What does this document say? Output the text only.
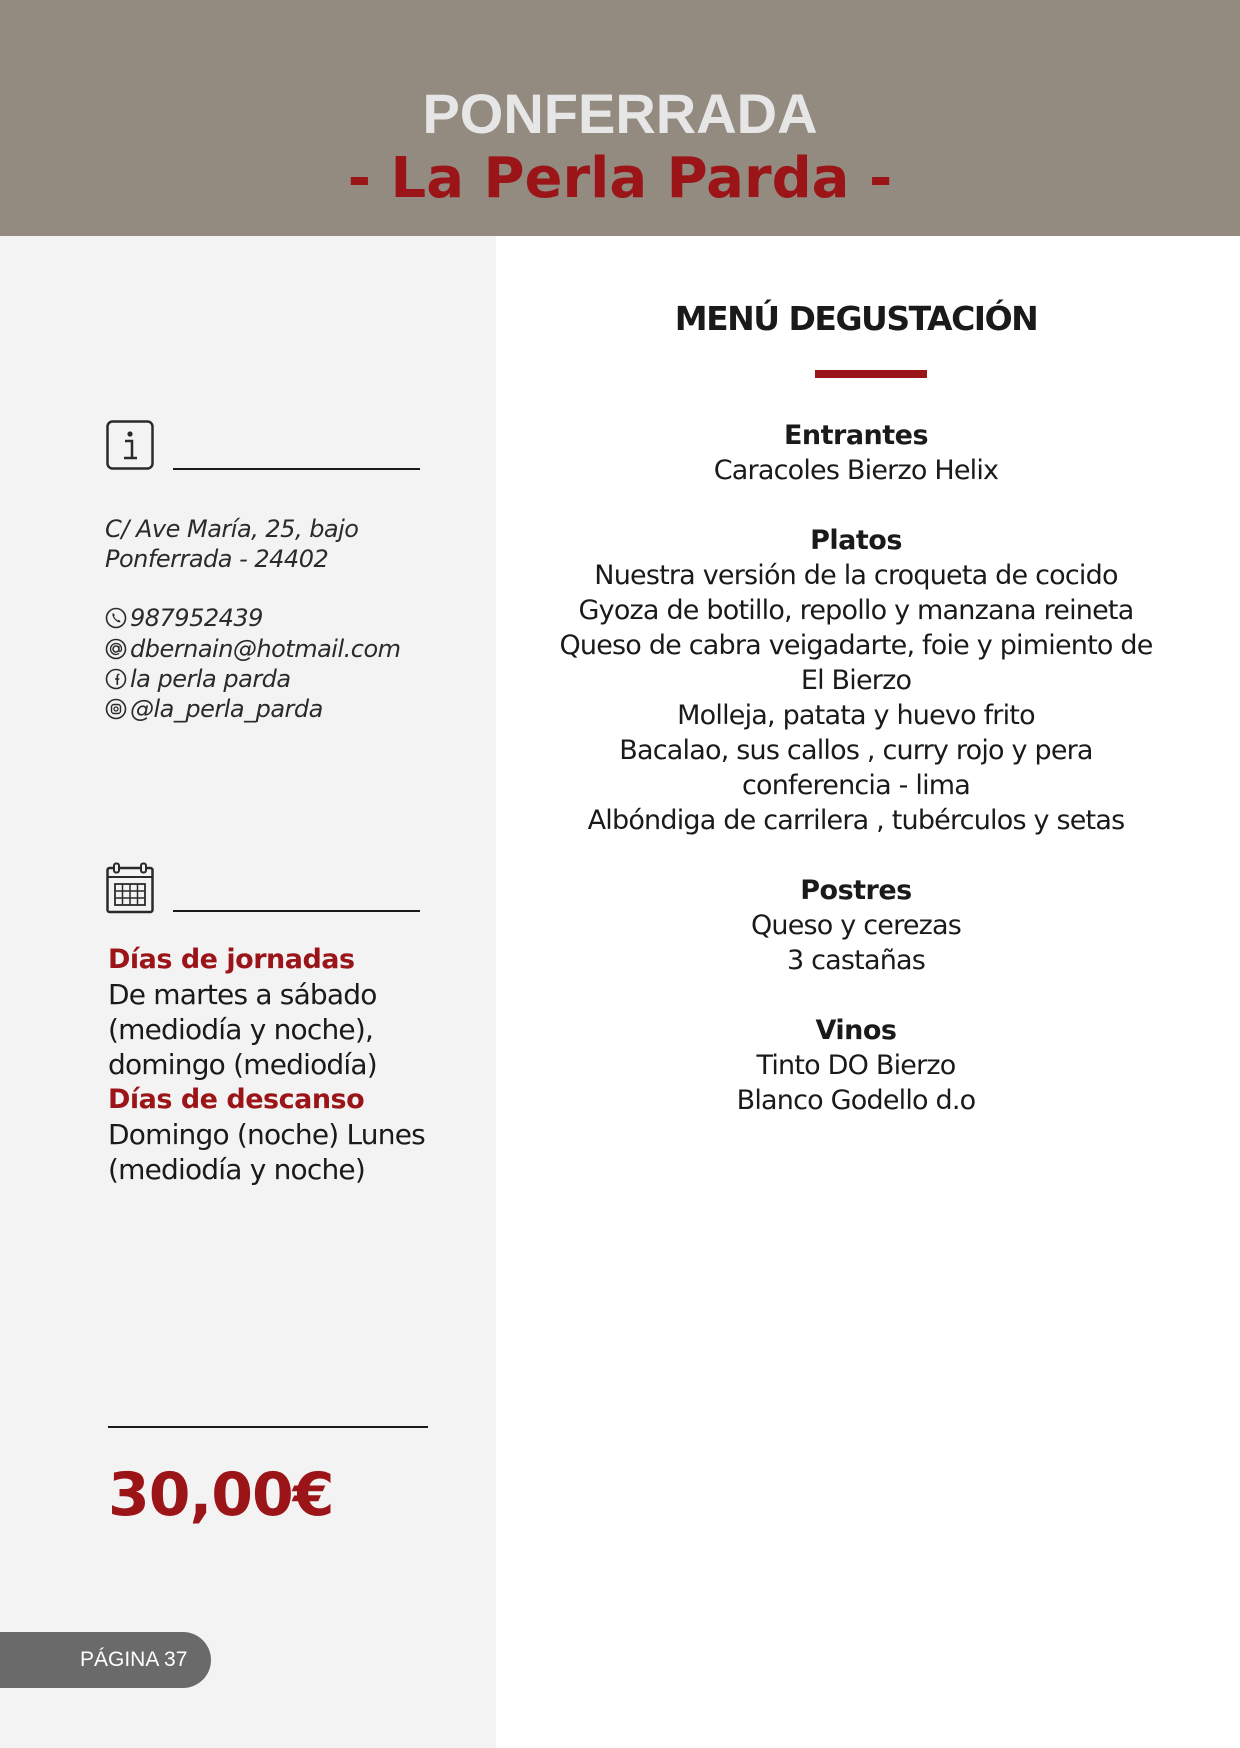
PONFERRADA
- La Perla Parda -
C/ Ave María, 25, bajo
Ponferrada - 24402
987952439
dbernain@hotmail.com
la perla parda
@la_perla_parda
Días de jornadas
De martes a sábado
(mediodía y noche),
domingo (mediodía)
Días de descanso
Domingo (noche) Lunes
(mediodía y noche)
30,00€
PÁGINA 37
MENÚ DEGUSTACIÓN
Entrantes
Caracoles Bierzo Helix
Platos
Nuestra versión de la croqueta de cocido
Gyoza de botillo, repollo y manzana reineta
Queso de cabra veigadarte, foie y pimiento de
El Bierzo
Molleja, patata y huevo frito
Bacalao, sus callos , curry rojo y pera
conferencia - lima
Albóndiga de carrilera , tubérculos y setas
Postres
Queso y cerezas
3 castañas
Vinos
Tinto DO Bierzo
Blanco Godello d.o
